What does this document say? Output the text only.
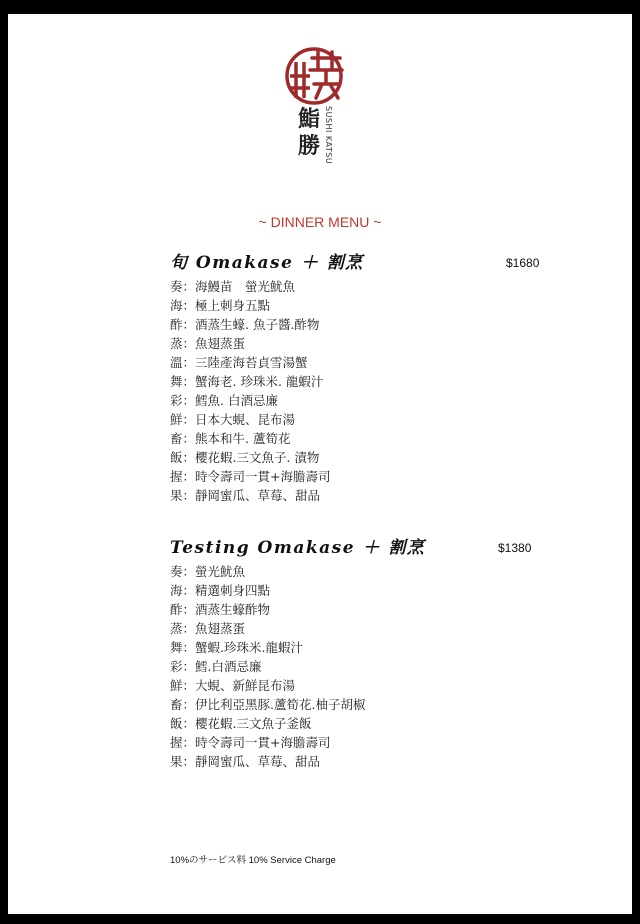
鮨 勝 SUSHI KATSU
~ DINNER MENU ~
旬 Omakase ＋ 割烹	$1680
奏：海鰻苗　螢光魷魚
海：極上刺身五點
酢：酒蒸生蠔. 魚子醬.酢物
蒸：魚翅蒸蛋
溫：三陸產海苔貞雪湯蟹
舞：蟹海老. 珍珠米. 龍蝦汁
彩：鱈魚. 白酒忌廉
鮮：日本大蜆、昆布湯
畜：熊本和牛. 蘆筍花
飯：櫻花蝦.三文魚子. 漬物
握：時令壽司一貫+海膽壽司
果：靜岡蜜瓜、草莓、甜品
Testing Omakase ＋ 割烹	$1380
奏：螢光魷魚
海：精選刺身四點
酢：酒蒸生蠔酢物
蒸：魚翅蒸蛋
舞：蟹蝦.珍珠米.龍蝦汁
彩：鱈.白酒忌廉
鮮：大蜆、新鮮昆布湯
畜：伊比利亞黑豚.蘆筍花.柚子胡椒
飯：櫻花蝦.三文魚子釜飯
握：時令壽司一貫+海膽壽司
果：靜岡蜜瓜、草莓、甜品
10%のサービス料 10% Service Charge
